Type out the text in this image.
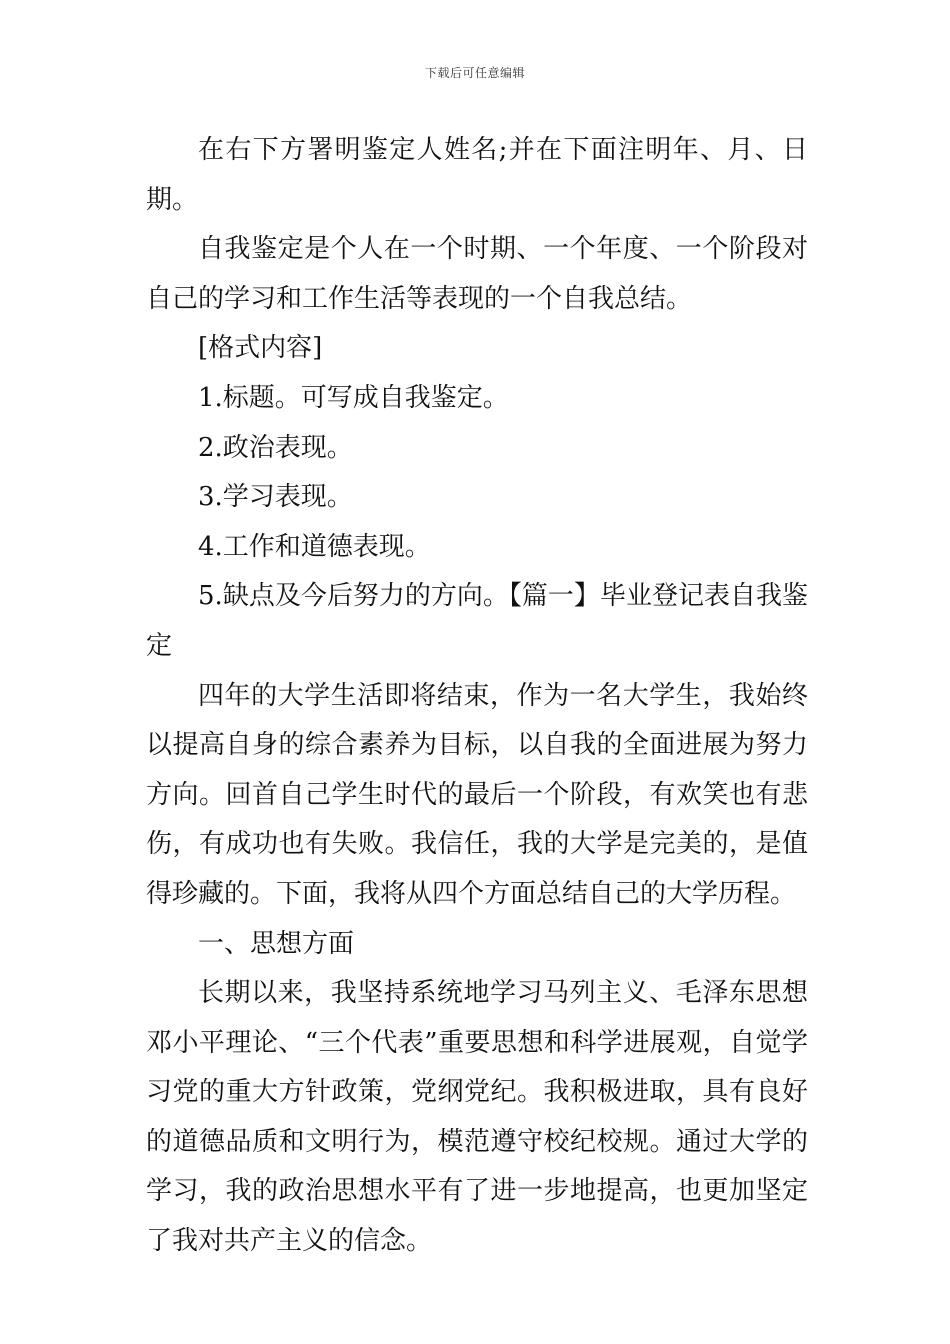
下载后可任意编辑

在右下方署明鉴定人姓名;并在下面注明年、月、日期。

自我鉴定是个人在一个时期、一个年度、一个阶段对自己的学习和工作生活等表现的一个自我总结。

[格式内容]

1.标题。可写成自我鉴定。

2.政治表现。

3.学习表现。

4.工作和道德表现。

5.缺点及今后努力的方向。【篇一】毕业登记表自我鉴定

四年的大学生活即将结束，作为一名大学生，我始终以提高自身的综合素养为目标，以自我的全面进展为努力方向。回首自己学生时代的最后一个阶段，有欢笑也有悲伤，有成功也有失败。我信任，我的大学是完美的，是值得珍藏的。下面，我将从四个方面总结自己的大学历程。

一、思想方面

长期以来，我坚持系统地学习马列主义、毛泽东思想邓小平理论、“三个代表”重要思想和科学进展观，自觉学习党的重大方针政策，党纲党纪。我积极进取，具有良好的道德品质和文明行为，模范遵守校纪校规。通过大学的学习，我的政治思想水平有了进一步地提高，也更加坚定了我对共产主义的信念。
